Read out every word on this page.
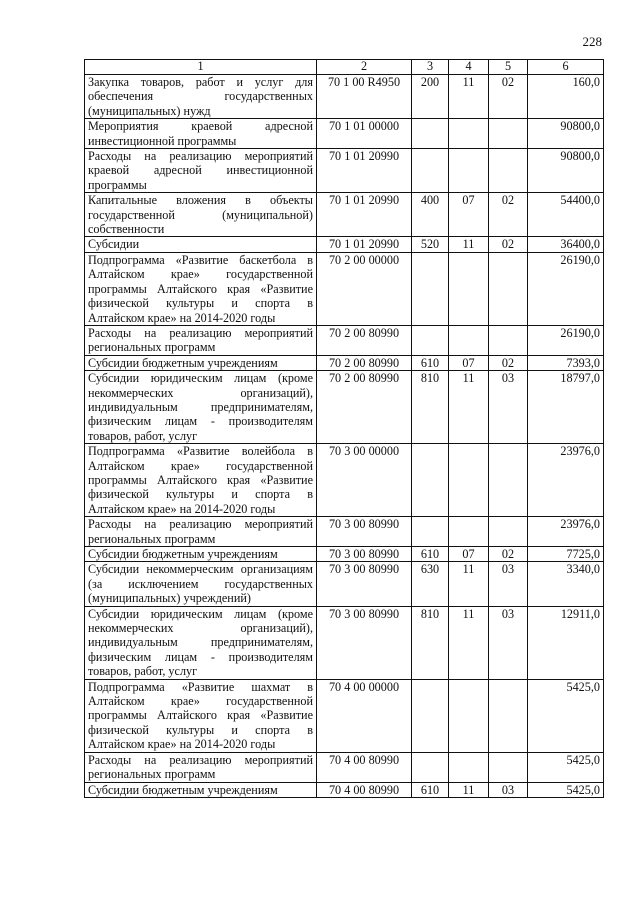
228
1	2	3	4	5	6
Закупка товаров, работ и услуг для обеспечения государственных (муниципальных) нужд	70 1 00 R4950	200	11	02	160,0
Мероприятия краевой адресной инвестиционной программы	70 1 01 00000				90800,0
Расходы на реализацию мероприятий краевой адресной инвестиционной программы	70 1 01 20990				90800,0
Капитальные вложения в объекты государственной (муниципальной) собственности	70 1 01 20990	400	07	02	54400,0
Субсидии	70 1 01 20990	520	11	02	36400,0
Подпрограмма «Развитие баскетбола в Алтайском крае» государственной программы Алтайского края «Развитие физической культуры и спорта в Алтайском крае» на 2014-2020 годы	70 2 00 00000				26190,0
Расходы на реализацию мероприятий региональных программ	70 2 00 80990				26190,0
Субсидии бюджетным учреждениям	70 2 00 80990	610	07	02	7393,0
Субсидии юридическим лицам (кроме некоммерческих организаций), индивидуальным предпринимателям, физическим лицам - производителям товаров, работ, услуг	70 2 00 80990	810	11	03	18797,0
Подпрограмма «Развитие волейбола в Алтайском крае» государственной программы Алтайского края «Развитие физической культуры и спорта в Алтайском крае» на 2014-2020 годы	70 3 00 00000				23976,0
Расходы на реализацию мероприятий региональных программ	70 3 00 80990				23976,0
Субсидии бюджетным учреждениям	70 3 00 80990	610	07	02	7725,0
Субсидии некоммерческим организациям (за исключением государственных (муниципальных) учреждений)	70 3 00 80990	630	11	03	3340,0
Субсидии юридическим лицам (кроме некоммерческих организаций), индивидуальным предпринимателям, физическим лицам - производителям товаров, работ, услуг	70 3 00 80990	810	11	03	12911,0
Подпрограмма «Развитие шахмат в Алтайском крае» государственной программы Алтайского края «Развитие физической культуры и спорта в Алтайском крае» на 2014-2020 годы	70 4 00 00000				5425,0
Расходы на реализацию мероприятий региональных программ	70 4 00 80990				5425,0
Субсидии бюджетным учреждениям	70 4 00 80990	610	11	03	5425,0
